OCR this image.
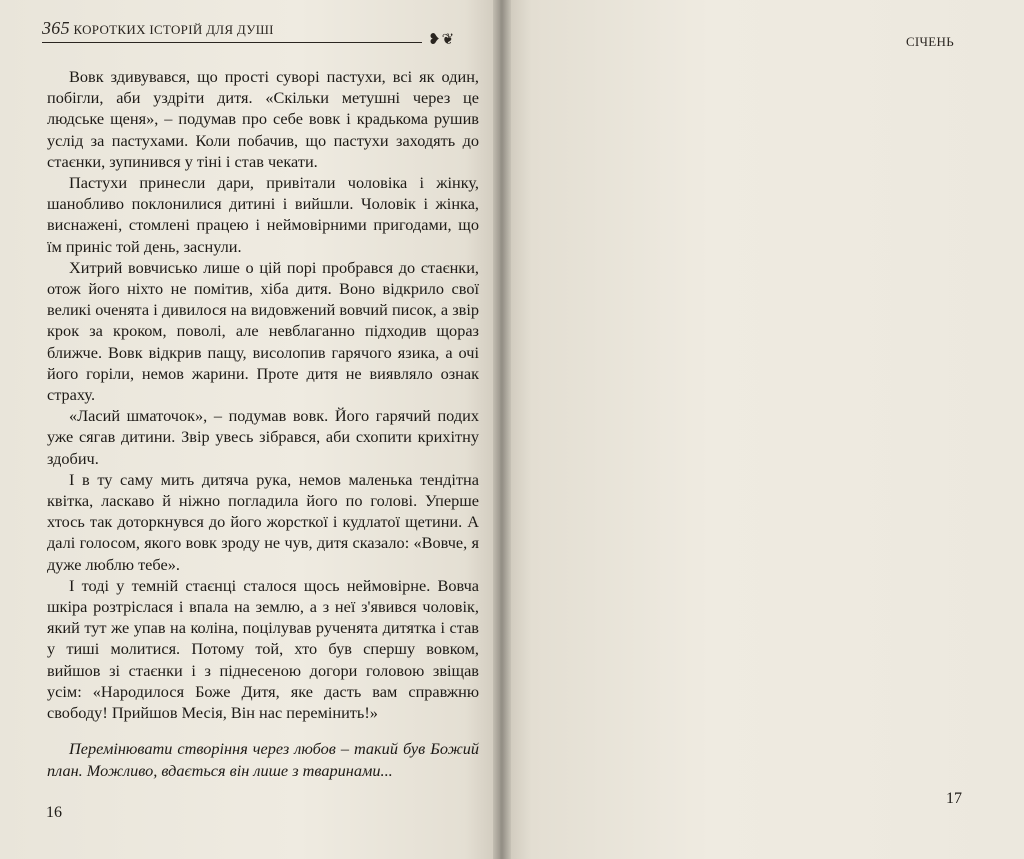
365 КОРОТКИХ ІСТОРІЙ ДЛЯ ДУШІ
❥❦

Вовк здивувався, що прості суворі пастухи, всі як один, побігли, аби уздріти дитя. «Скільки метушні через це людське щеня», – подумав про себе вовк і крадькома рушив услід за пастухами. Коли побачив, що пастухи заходять до стаєнки, зупинився у тіні і став чекати.

Пастухи принесли дари, привітали чоловіка і жінку, шанобливо поклонилися дитині і вийшли. Чоловік і жінка, виснажені, стомлені працею і неймовірними пригодами, що їм приніс той день, заснули.

Хитрий вовчисько лише о цій порі пробрався до стаєнки, отож його ніхто не помітив, хіба дитя. Воно відкрило свої великі оченята і дивилося на видовжений вовчий писок, а звір крок за кроком, поволі, але невблаганно підходив щораз ближче. Вовк відкрив пащу, висолопив гарячого язика, а очі його горіли, немов жарини. Проте дитя не виявляло ознак страху.

«Ласий шматочок», – подумав вовк. Його гарячий подих уже сягав дитини. Звір увесь зібрався, аби схопити крихітну здобич.

І в ту саму мить дитяча рука, немов маленька тендітна квітка, ласкаво й ніжно погладила його по голові. Уперше хтось так доторкнувся до його жорсткої і кудлатої щетини. А далі голосом, якого вовк зроду не чув, дитя сказало: «Вовче, я дуже люблю тебе».

І тоді у темній стаєнці сталося щось неймовірне. Вовча шкіра розтріслася і впала на землю, а з неї з'явився чоловік, який тут же упав на коліна, поцілував рученята дитятка і став у тиші молитися. Потому той, хто був спершу вовком, вийшов зі стаєнки і з піднесеною догори головою звіщав усім: «Народилося Боже Дитя, яке дасть вам справжню свободу! Прийшов Месія, Він нас перемінить!»

Перемінювати створіння через любов – такий був Божий план. Можливо, вдається він лише з тваринами...

16
СІЧЕНЬ

17
